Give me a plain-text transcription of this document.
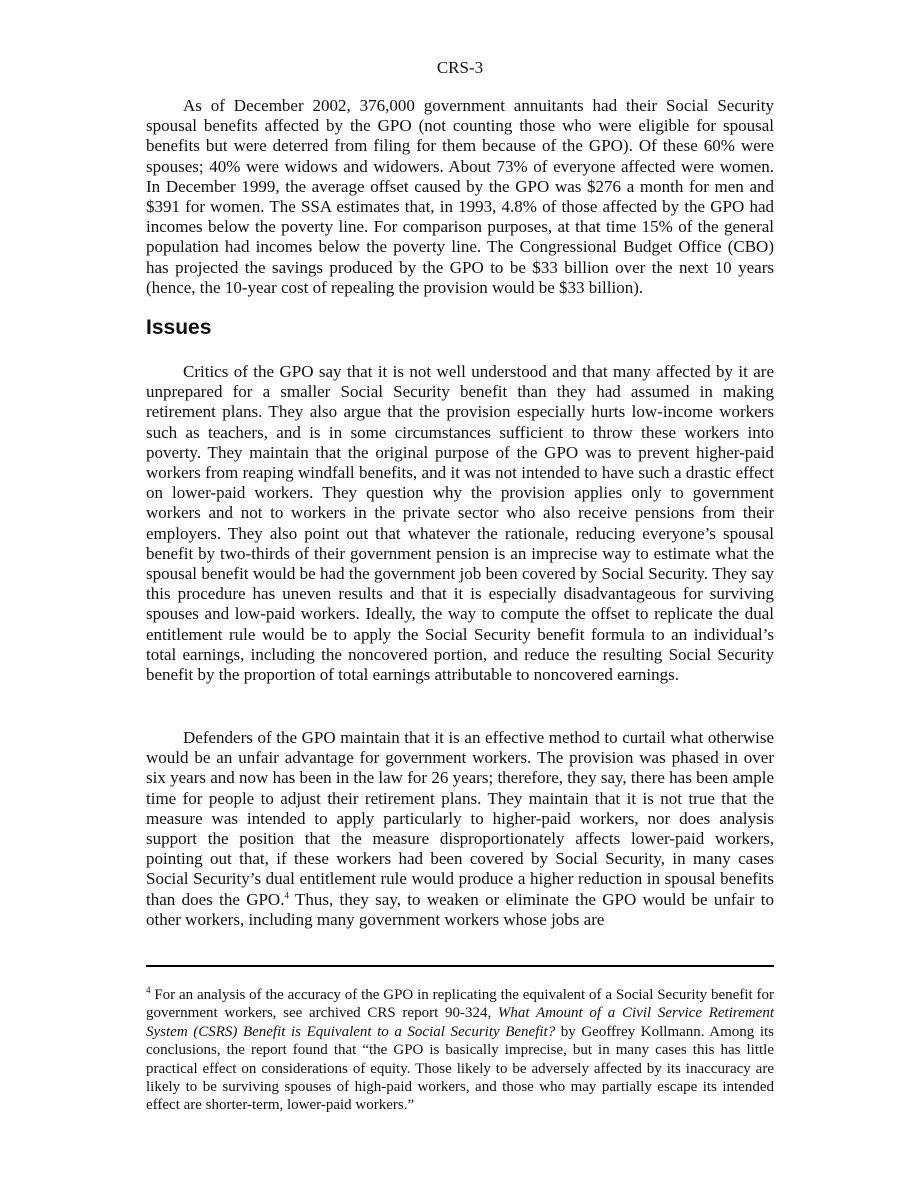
CRS-3

As of December 2002, 376,000 government annuitants had their Social Security spousal benefits affected by the GPO (not counting those who were eligible for spousal benefits but were deterred from filing for them because of the GPO). Of these 60% were spouses; 40% were widows and widowers. About 73% of everyone affected were women. In December 1999, the average offset caused by the GPO was $276 a month for men and $391 for women. The SSA estimates that, in 1993, 4.8% of those affected by the GPO had incomes below the poverty line. For comparison purposes, at that time 15% of the general population had incomes below the poverty line. The Congressional Budget Office (CBO) has projected the savings produced by the GPO to be $33 billion over the next 10 years (hence, the 10-year cost of repealing the provision would be $33 billion).

Issues

Critics of the GPO say that it is not well understood and that many affected by it are unprepared for a smaller Social Security benefit than they had assumed in making retirement plans. They also argue that the provision especially hurts low-income workers such as teachers, and is in some circumstances sufficient to throw these workers into poverty. They maintain that the original purpose of the GPO was to prevent higher-paid workers from reaping windfall benefits, and it was not intended to have such a drastic effect on lower-paid workers. They question why the provision applies only to government workers and not to workers in the private sector who also receive pensions from their employers. They also point out that whatever the rationale, reducing everyone’s spousal benefit by two-thirds of their government pension is an imprecise way to estimate what the spousal benefit would be had the government job been covered by Social Security. They say this procedure has uneven results and that it is especially disadvantageous for surviving spouses and low-paid workers. Ideally, the way to compute the offset to replicate the dual entitlement rule would be to apply the Social Security benefit formula to an individual’s total earnings, including the noncovered portion, and reduce the resulting Social Security benefit by the proportion of total earnings attributable to noncovered earnings.

Defenders of the GPO maintain that it is an effective method to curtail what otherwise would be an unfair advantage for government workers. The provision was phased in over six years and now has been in the law for 26 years; therefore, they say, there has been ample time for people to adjust their retirement plans. They maintain that it is not true that the measure was intended to apply particularly to higher-paid workers, nor does analysis support the position that the measure disproportionately affects lower-paid workers, pointing out that, if these workers had been covered by Social Security, in many cases Social Security’s dual entitlement rule would produce a higher reduction in spousal benefits than does the GPO.$^4$ Thus, they say, to weaken or eliminate the GPO would be unfair to other workers, including many government workers whose jobs are

$^4$ For an analysis of the accuracy of the GPO in replicating the equivalent of a Social Security benefit for government workers, see archived CRS report 90-324, What Amount of a Civil Service Retirement System (CSRS) Benefit is Equivalent to a Social Security Benefit? by Geoffrey Kollmann. Among its conclusions, the report found that “the GPO is basically imprecise, but in many cases this has little practical effect on considerations of equity. Those likely to be adversely affected by its inaccuracy are likely to be surviving spouses of high-paid workers, and those who may partially escape its intended effect are shorter-term, lower-paid workers.”
